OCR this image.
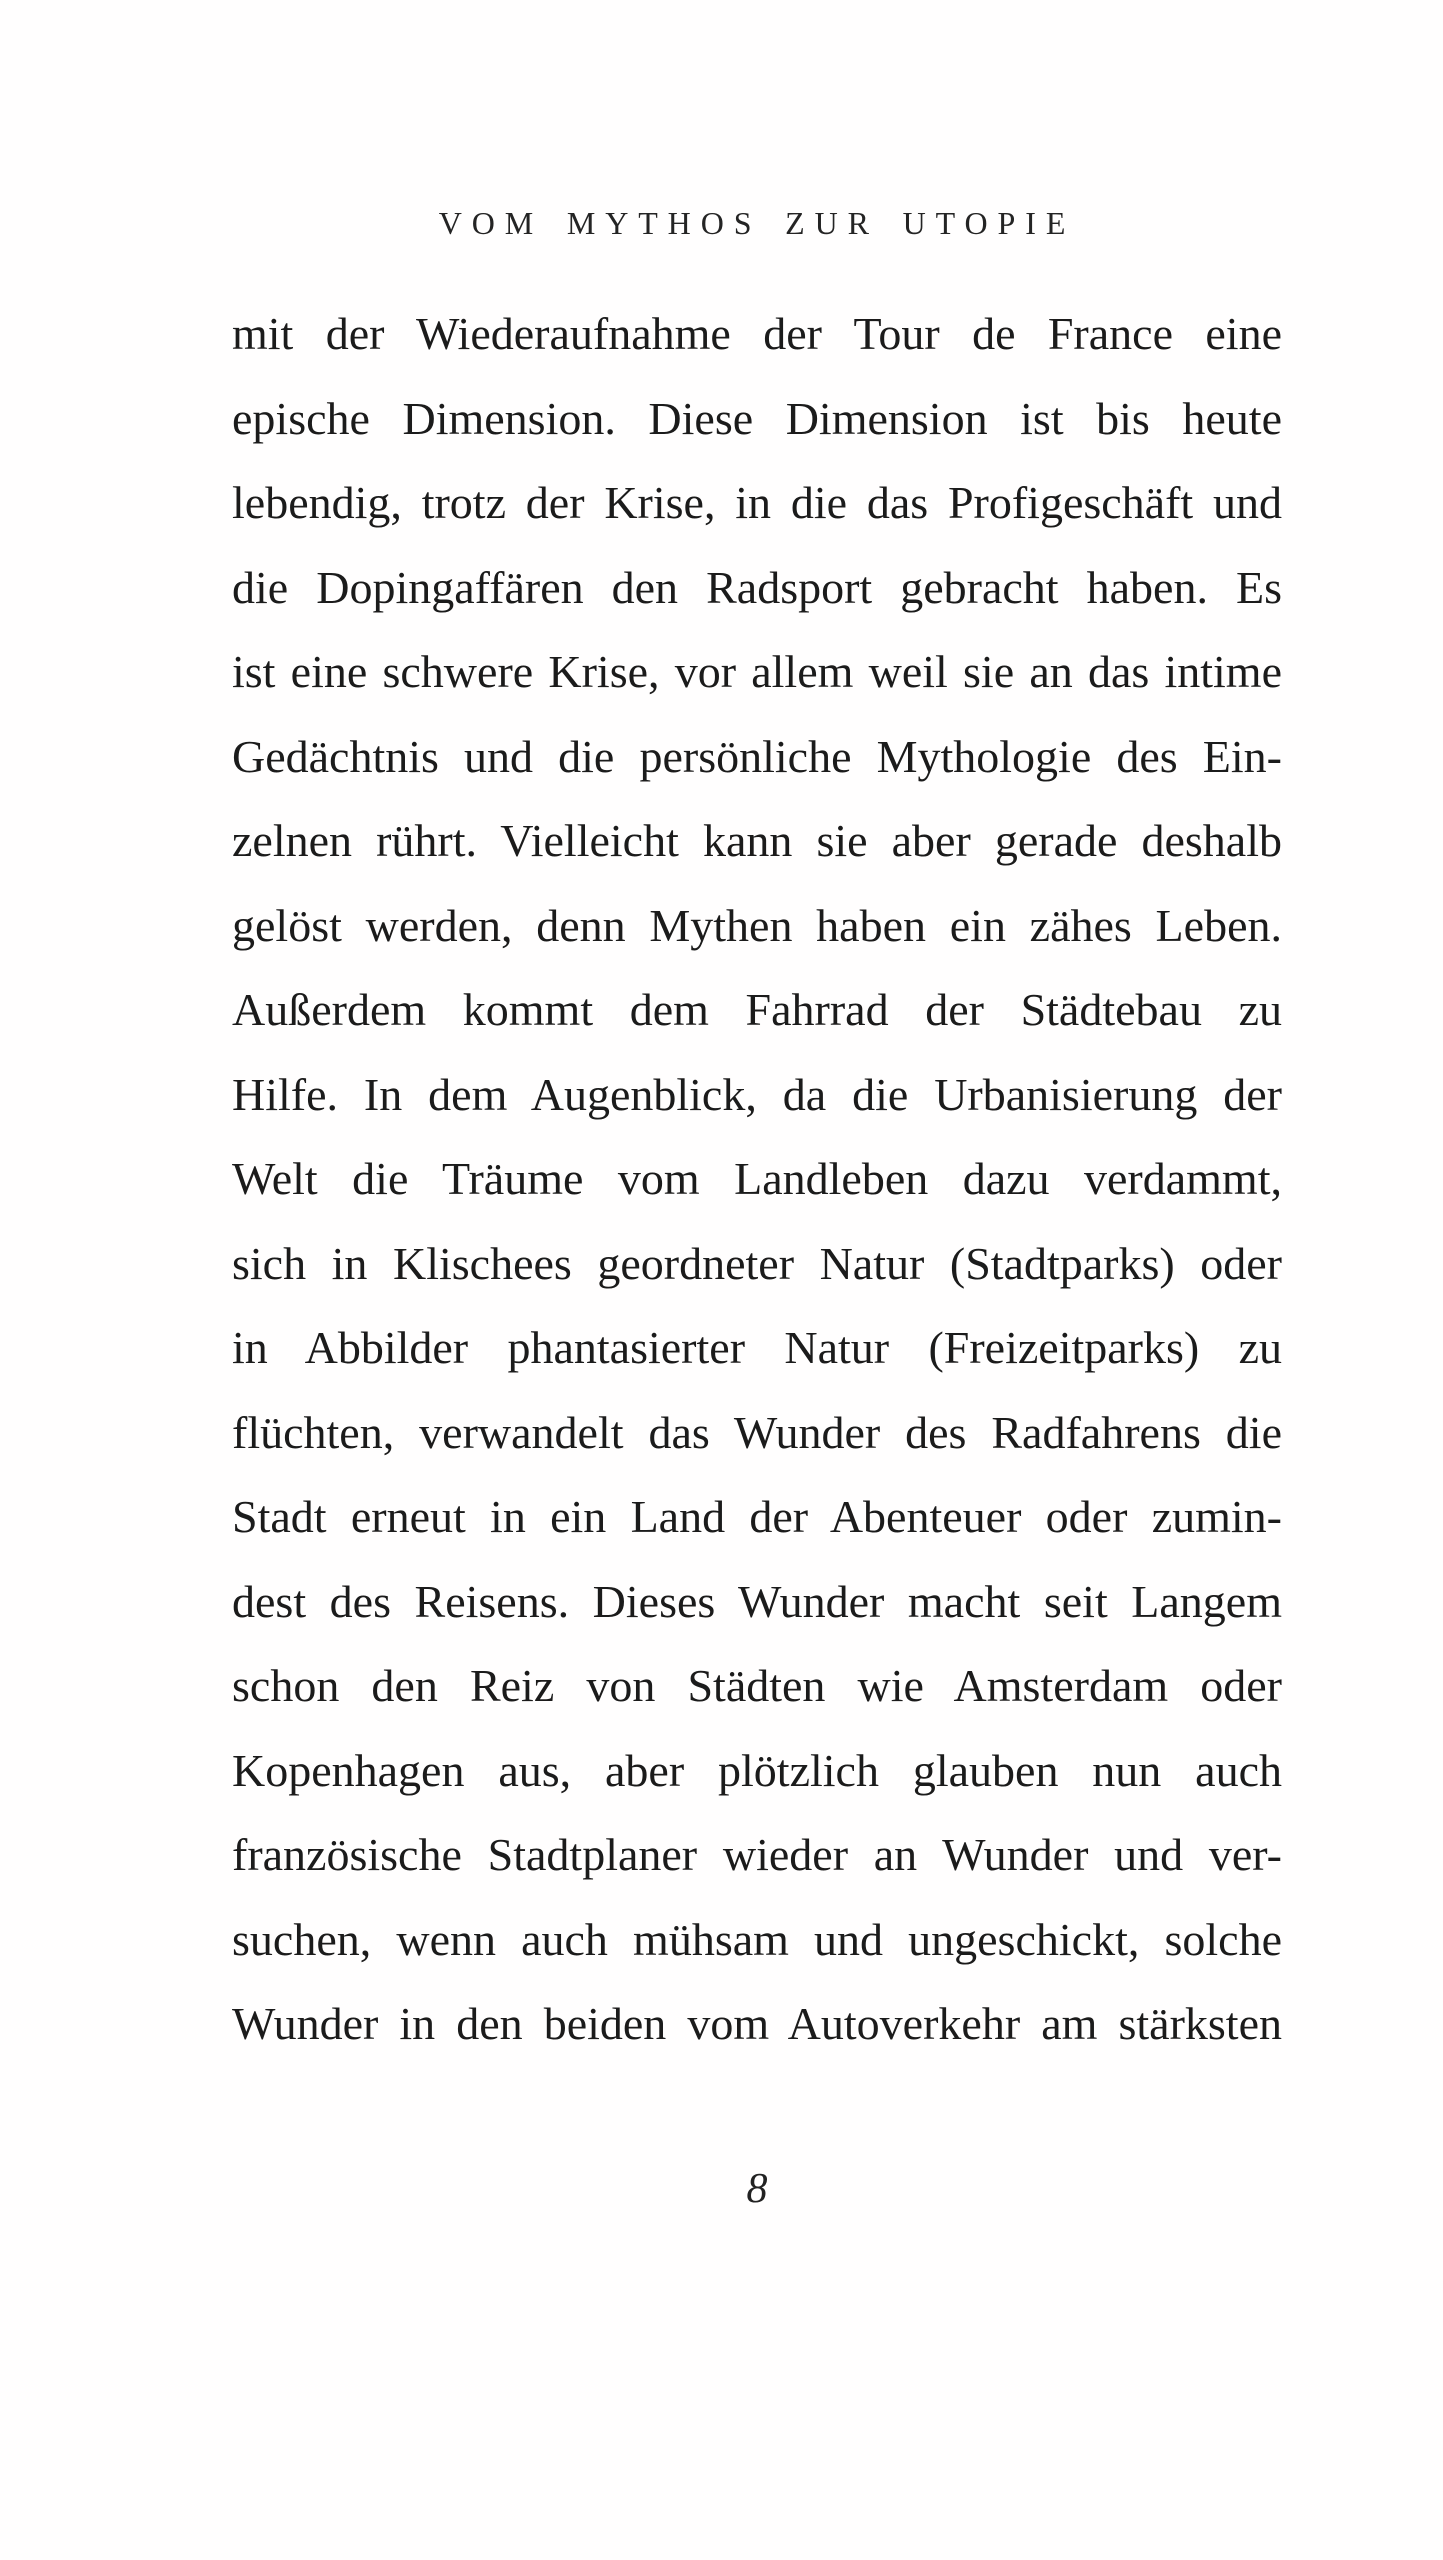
VOM MYTHOS ZUR UTOPIE
mit der Wiederaufnahme der Tour de France eine
epische Dimension. Diese Dimension ist bis heute
lebendig, trotz der Krise, in die das Profigeschäft und
die Dopingaffären den Radsport gebracht haben. Es
ist eine schwere Krise, vor allem weil sie an das intime
Gedächtnis und die persönliche Mythologie des Ein-
zelnen rührt. Vielleicht kann sie aber gerade deshalb
gelöst werden, denn Mythen haben ein zähes Leben.
Außerdem kommt dem Fahrrad der Städtebau zu
Hilfe. In dem Augenblick, da die Urbanisierung der
Welt die Träume vom Landleben dazu verdammt,
sich in Klischees geordneter Natur (Stadtparks) oder
in Abbilder phantasierter Natur (Freizeitparks) zu
flüchten, verwandelt das Wunder des Radfahrens die
Stadt erneut in ein Land der Abenteuer oder zumin-
dest des Reisens. Dieses Wunder macht seit Langem
schon den Reiz von Städten wie Amsterdam oder
Kopenhagen aus, aber plötzlich glauben nun auch
französische Stadtplaner wieder an Wunder und ver-
suchen, wenn auch mühsam und ungeschickt, solche
Wunder in den beiden vom Autoverkehr am stärksten
8
